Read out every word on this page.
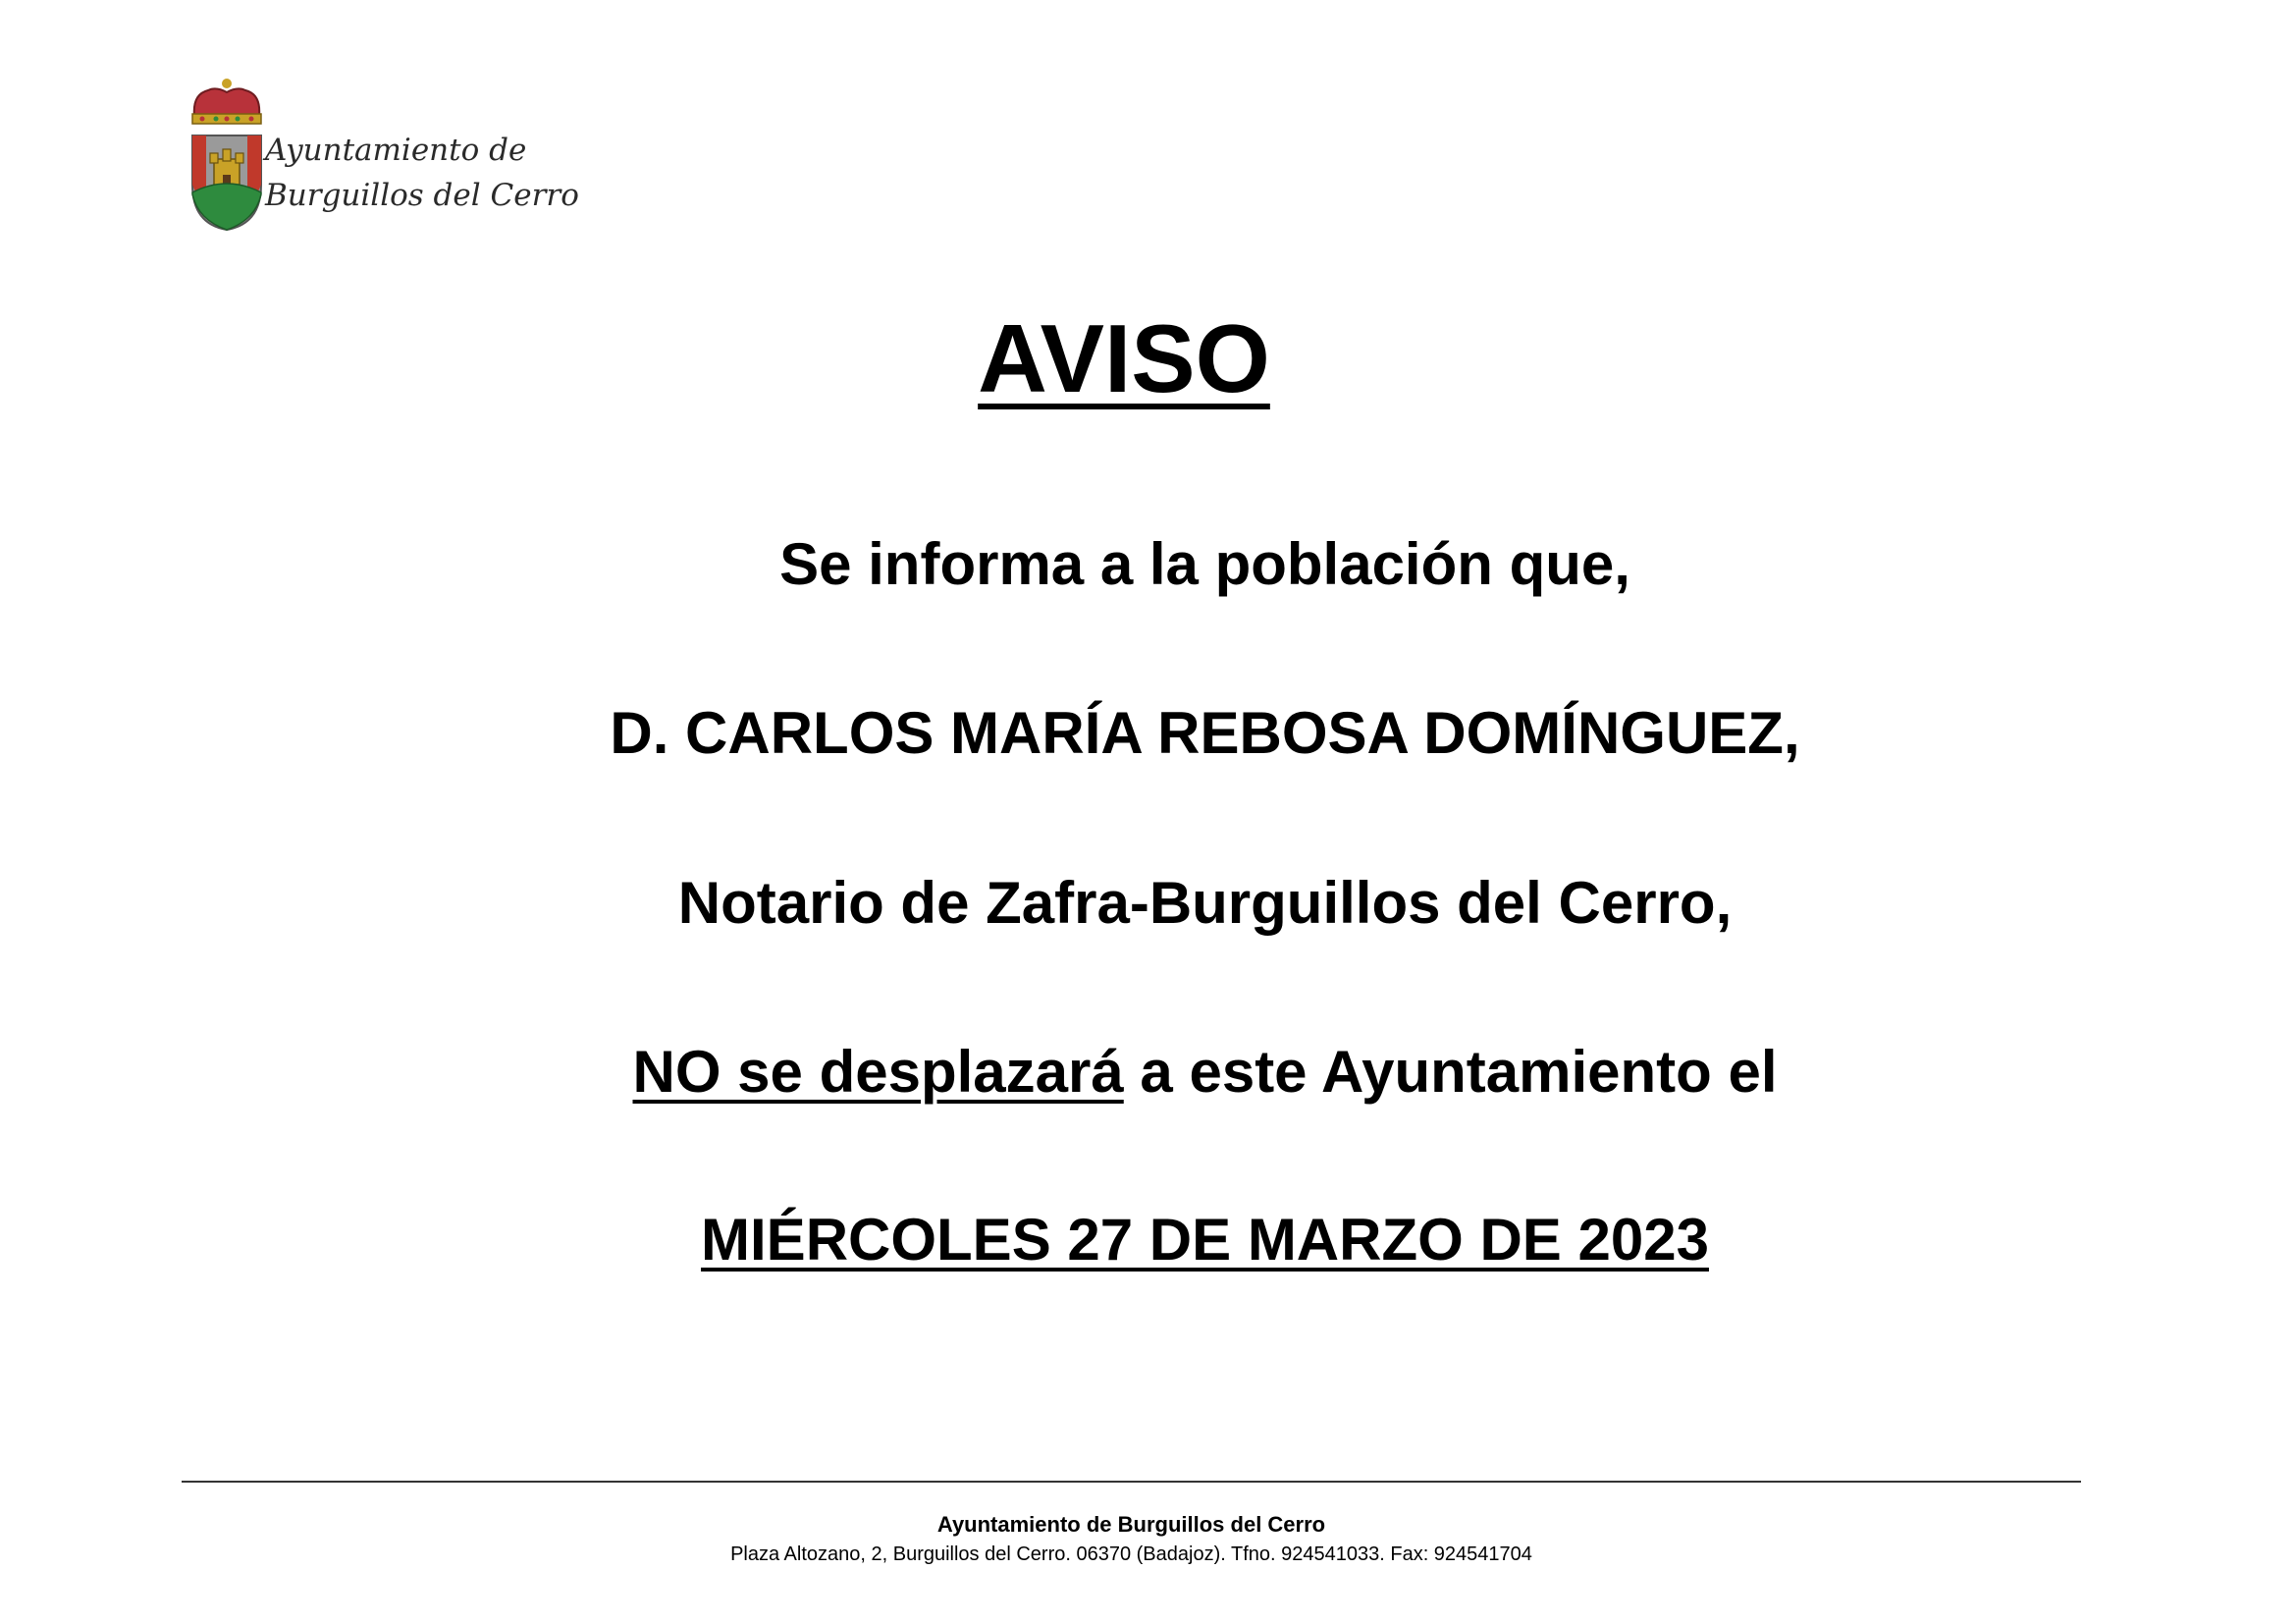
Ayuntamiento de
Burguillos del Cerro
AVISO
Se informa a la población que,
D. CARLOS MARÍA REBOSA DOMÍNGUEZ,
Notario de Zafra-Burguillos del Cerro,
NO se desplazará a este Ayuntamiento el
MIÉRCOLES 27 DE MARZO DE 2023
Ayuntamiento de Burguillos del Cerro
Plaza Altozano, 2, Burguillos del Cerro. 06370 (Badajoz). Tfno. 924541033. Fax: 924541704
